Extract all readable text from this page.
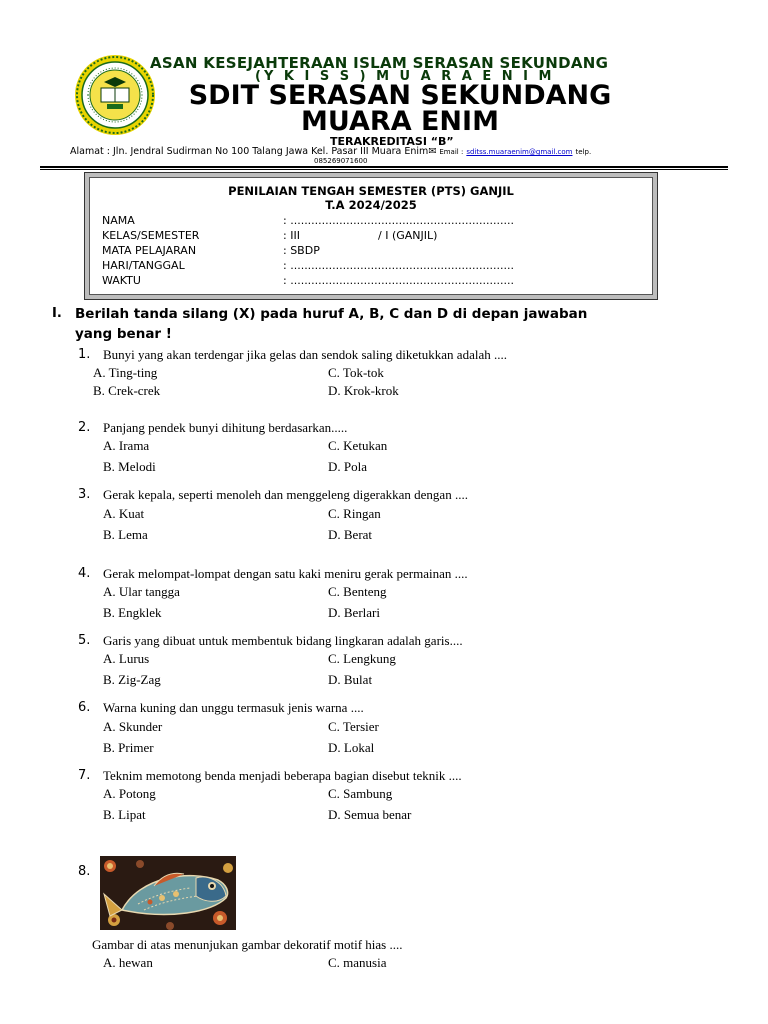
ASAN KESEJAHTERAAN ISLAM SERASAN SEKUNDANG
(Y K I S S ) M U A R A E N I M
SDIT SERASAN SEKUNDANG
MUARA ENIM
TERAKREDITASI “B”
Alamat : Jln. Jendral Sudirman No 100 Talang Jawa Kel. Pasar III Muara Enim✉ Email : sditss.muaraenim@gmail.com telp.
085269071600
PENILAIAN TENGAH SEMESTER (PTS) GANJIL
T.A 2024/2025
NAMA	: ................................................................
KELAS/SEMESTER	: III	/ I (GANJIL)
MATA PELAJARAN	: SBDP
HARI/TANGGAL	: ................................................................
WAKTU	: ................................................................
I. Berilah tanda silang (X) pada huruf A, B, C dan D di depan jawaban
yang benar !
1. Bunyi yang akan terdengar jika gelas dan sendok saling diketukkan adalah ....
A. Ting-ting	C. Tok-tok
B. Crek-crek	D. Krok-krok
2. Panjang pendek bunyi dihitung berdasarkan.....
A. Irama	C. Ketukan
B. Melodi	D. Pola
3. Gerak kepala, seperti menoleh dan menggeleng digerakkan dengan ....
A. Kuat	C. Ringan
B. Lema	D. Berat
4. Gerak melompat-lompat dengan satu kaki meniru gerak permainan ....
A. Ular tangga	C. Benteng
B. Engklek	D. Berlari
5. Garis yang dibuat untuk membentuk bidang lingkaran adalah garis....
A. Lurus	C. Lengkung
B. Zig-Zag	D. Bulat
6. Warna kuning dan unggu termasuk jenis warna ....
A. Skunder	C. Tersier
B. Primer	D. Lokal
7. Teknim memotong benda menjadi beberapa bagian disebut teknik ....
A. Potong	C. Sambung
B. Lipat	D. Semua benar
8.
Gambar di atas menunjukan gambar dekoratif motif hias ....
A. hewan	C. manusia
